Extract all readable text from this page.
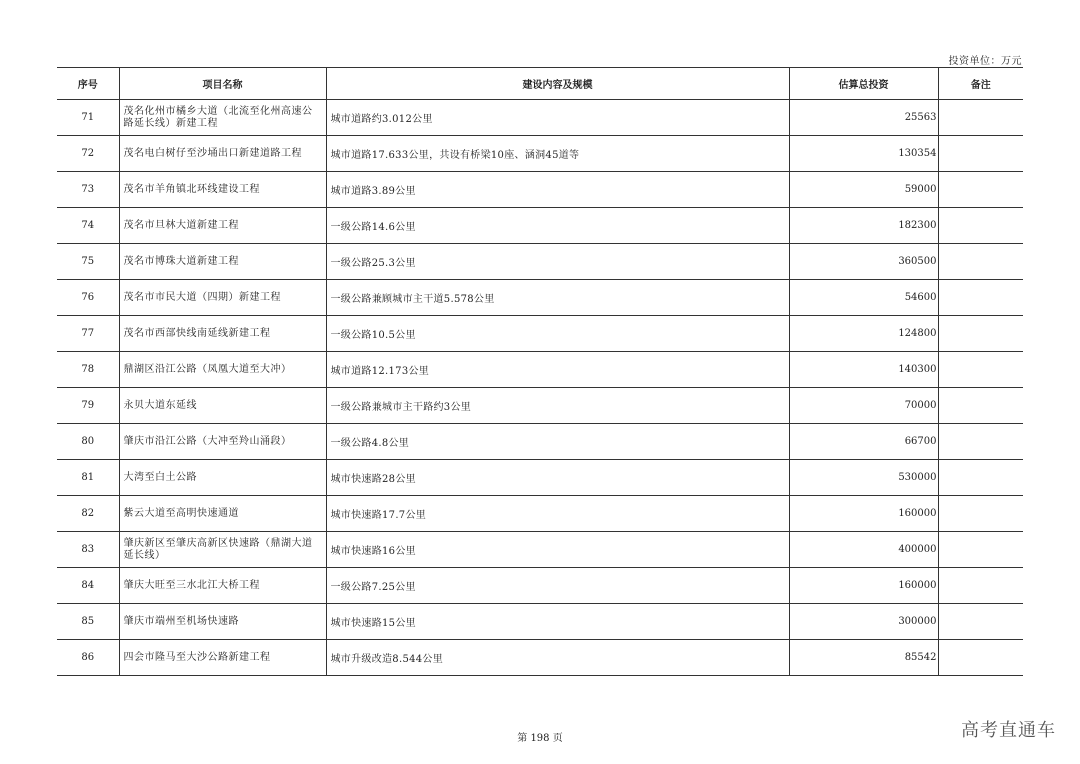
投资单位：万元
序号	项目名称	建设内容及规模	估算总投资	备注
71	茂名化州市橘乡大道（北流至化州高速公路延长线）新建工程	城市道路约3.012公里	25563	
72	茂名电白树仔至沙埇出口新建道路工程	城市道路17.633公里，共设有桥梁10座、涵洞45道等	130354	
73	茂名市羊角镇北环线建设工程	城市道路3.89公里	59000	
74	茂名市旦林大道新建工程	一级公路14.6公里	182300	
75	茂名市博珠大道新建工程	一级公路25.3公里	360500	
76	茂名市市民大道（四期）新建工程	一级公路兼顾城市主干道5.578公里	54600	
77	茂名市西部快线南延线新建工程	一级公路10.5公里	124800	
78	鼎湖区沿江公路（凤凰大道至大冲）	城市道路12.173公里	140300	
79	永贝大道东延线	一级公路兼城市主干路约3公里	70000	
80	肇庆市沿江公路（大冲至羚山涌段）	一级公路4.8公里	66700	
81	大湾至白土公路	城市快速路28公里	530000	
82	紫云大道至高明快速通道	城市快速路17.7公里	160000	
83	肇庆新区至肇庆高新区快速路（鼎湖大道延长线）	城市快速路16公里	400000	
84	肇庆大旺至三水北江大桥工程	一级公路7.25公里	160000	
85	肇庆市端州至机场快速路	城市快速路15公里	300000	
86	四会市隆马至大沙公路新建工程	城市升级改造8.544公里	85542	
第 198 页	高考直通车
